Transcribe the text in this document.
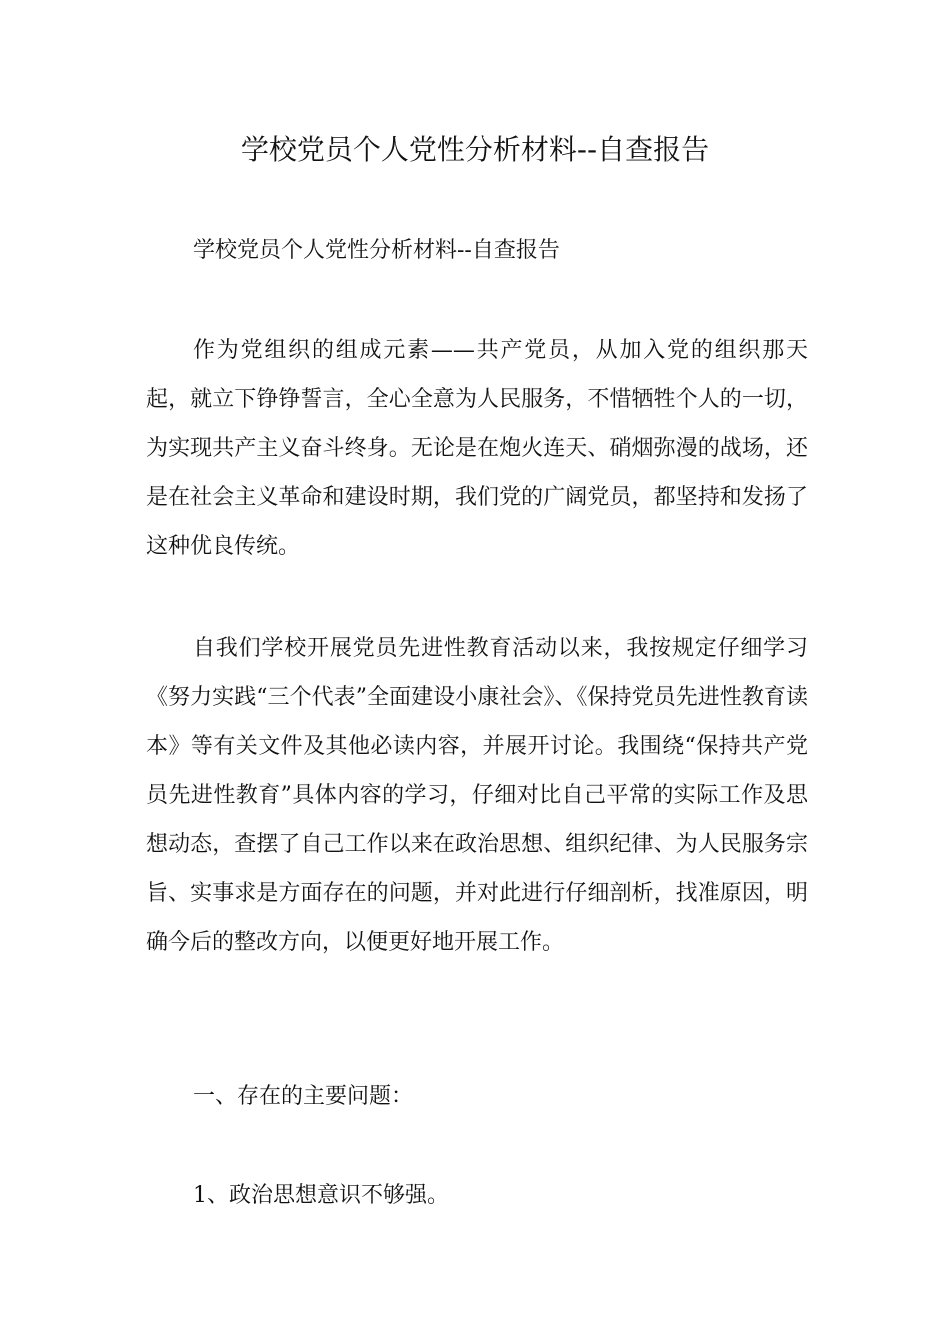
学校党员个人党性分析材料--自查报告

学校党员个人党性分析材料--自查报告

作为党组织的组成元素——共产党员，从加入党的组织那天起，就立下铮铮誓言，全心全意为人民服务，不惜牺牲个人的一切，为实现共产主义奋斗终身。无论是在炮火连天、硝烟弥漫的战场，还是在社会主义革命和建设时期，我们党的广阔党员，都坚持和发扬了这种优良传统。

自我们学校开展党员先进性教育活动以来，我按规定仔细学习《努力实践“三个代表”全面建设小康社会》、《保持党员先进性教育读本》等有关文件及其他必读内容，并展开讨论。我围绕“保持共产党员先进性教育”具体内容的学习，仔细对比自己平常的实际工作及思想动态，查摆了自己工作以来在政治思想、组织纪律、为人民服务宗旨、实事求是方面存在的问题，并对此进行仔细剖析，找准原因，明确今后的整改方向，以便更好地开展工作。

一、存在的主要问题：

1、政治思想意识不够强。
